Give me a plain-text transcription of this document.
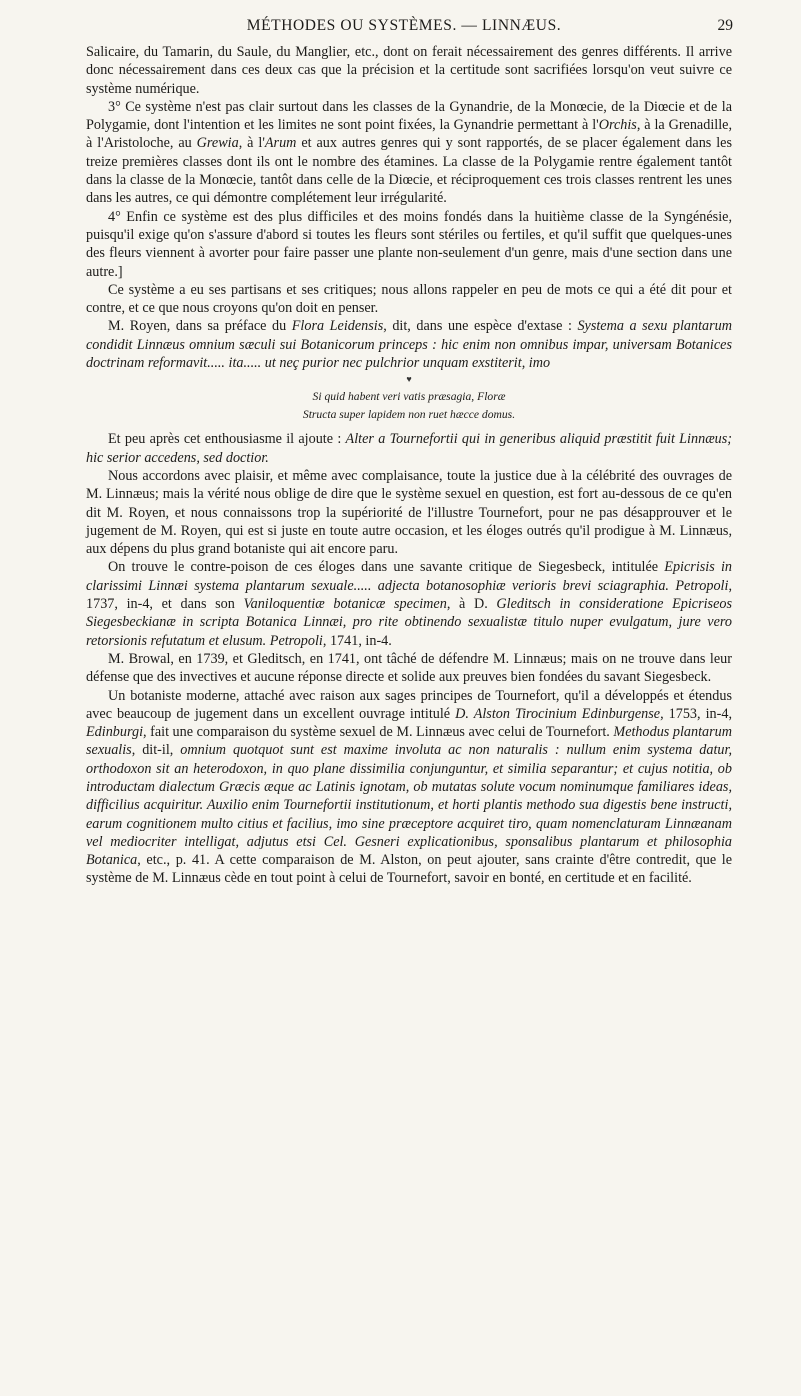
MÉTHODES OU SYSTÈMES. — LINNÆUS.	29

Salicaire, du Tamarin, du Saule, du Manglier, etc., dont on ferait nécessairement des genres différents. Il arrive donc nécessairement dans ces deux cas que la précision et la certitude sont sacrifiées lorsqu'on veut suivre ce système numérique.

3° Ce système n'est pas clair surtout dans les classes de la Gynandrie, de la Monœcie, de la Diœcie et de la Polygamie, dont l'intention et les limites ne sont point fixées, la Gynandrie permettant à l'Orchis, à la Grenadille, à l'Aristoloche, au Grewia, à l'Arum et aux autres genres qui y sont rapportés, de se placer également dans les treize premières classes dont ils ont le nombre des étamines. La classe de la Polygamie rentre également tantôt dans la classe de la Monœcie, tantôt dans celle de la Diœcie, et réciproquement ces trois classes rentrent les unes dans les autres, ce qui démontre complétement leur irrégularité.

4° Enfin ce système est des plus difficiles et des moins fondés dans la huitième classe de la Syngénésie, puisqu'il exige qu'on s'assure d'abord si toutes les fleurs sont stériles ou fertiles, et qu'il suffit que quelques-unes des fleurs viennent à avorter pour faire passer une plante non-seulement d'un genre, mais d'une section dans une autre.]

Ce système a eu ses partisans et ses critiques; nous allons rappeler en peu de mots ce qui a été dit pour et contre, et ce que nous croyons qu'on doit en penser.

M. Royen, dans sa préface du Flora Leidensis, dit, dans une espèce d'extase : Systema a sexu plantarum condidit Linnæus omnium sæculi sui Botanicorum princeps : hic enim non omnibus impar, universam Botanices doctrinam reformavit..... ita..... ut neç purior nec pulchrior unquam exstiterit, imo

♥
Si quid habent veri vatis præsagia, Floræ
Structa super lapidem non ruet hæcce domus.

Et peu après cet enthousiasme il ajoute : Alter a Tournefortii qui in generibus aliquid præstitit fuit Linnæus; hic serior accedens, sed doctior.

Nous accordons avec plaisir, et même avec complaisance, toute la justice due à la célébrité des ouvrages de M. Linnæus; mais la vérité nous oblige de dire que le système sexuel en question, est fort au-dessous de ce qu'en dit M. Royen, et nous connaissons trop la supériorité de l'illustre Tournefort, pour ne pas désapprouver et le jugement de M. Royen, qui est si juste en toute autre occasion, et les éloges outrés qu'il prodigue à M. Linnæus, aux dépens du plus grand botaniste qui ait encore paru.

On trouve le contre-poison de ces éloges dans une savante critique de Siegesbeck, intitulée Epicrisis in clarissimi Linnæi systema plantarum sexuale..... adjecta botanosophiæ verioris brevi sciagraphia. Petropoli, 1737, in-4, et dans son Vaniloquentiæ botanicæ specimen, à D. Gleditsch in consideratione Epicriseos Siegesbeckianæ in scripta Botanica Linnæi, pro rite obtinendo sexualistæ titulo nuper evulgatum, jure vero retorsionis refutatum et elusum. Petropoli, 1741, in-4.

M. Browal, en 1739, et Gleditsch, en 1741, ont tâché de défendre M. Linnæus; mais on ne trouve dans leur défense que des invectives et aucune réponse directe et solide aux preuves bien fondées du savant Siegesbeck.

Un botaniste moderne, attaché avec raison aux sages principes de Tournefort, qu'il a développés et étendus avec beaucoup de jugement dans un excellent ouvrage intitulé D. Alston Tirocinium Edinburgense, 1753, in-4, Edinburgi, fait une comparaison du système sexuel de M. Linnæus avec celui de Tournefort. Methodus plantarum sexualis, dit-il, omnium quotquot sunt est maxime involuta ac non naturalis : nullum enim systema datur, orthodoxon sit an heterodoxon, in quo plane dissimilia conjunguntur, et similia separantur; et cujus notitia, ob introductam dialectum Græcis æque ac Latinis ignotam, ob mutatas solute vocum nominumque familiares ideas, difficilius acquiritur. Auxilio enim Tournefortii institutionum, et horti plantis methodo sua digestis bene instructi, earum cognitionem multo citius et facilius, imo sine præceptore acquiret tiro, quam nomenclaturam Linnæanam vel mediocriter intelligat, adjutus etsi Cel. Gesneri explicationibus, sponsalibus plantarum et philosophia Botanica, etc., p. 41. A cette comparaison de M. Alston, on peut ajouter, sans crainte d'être contredit, que le système de M. Linnæus cède en tout point à celui de Tournefort, savoir en bonté, en certitude et en facilité.
